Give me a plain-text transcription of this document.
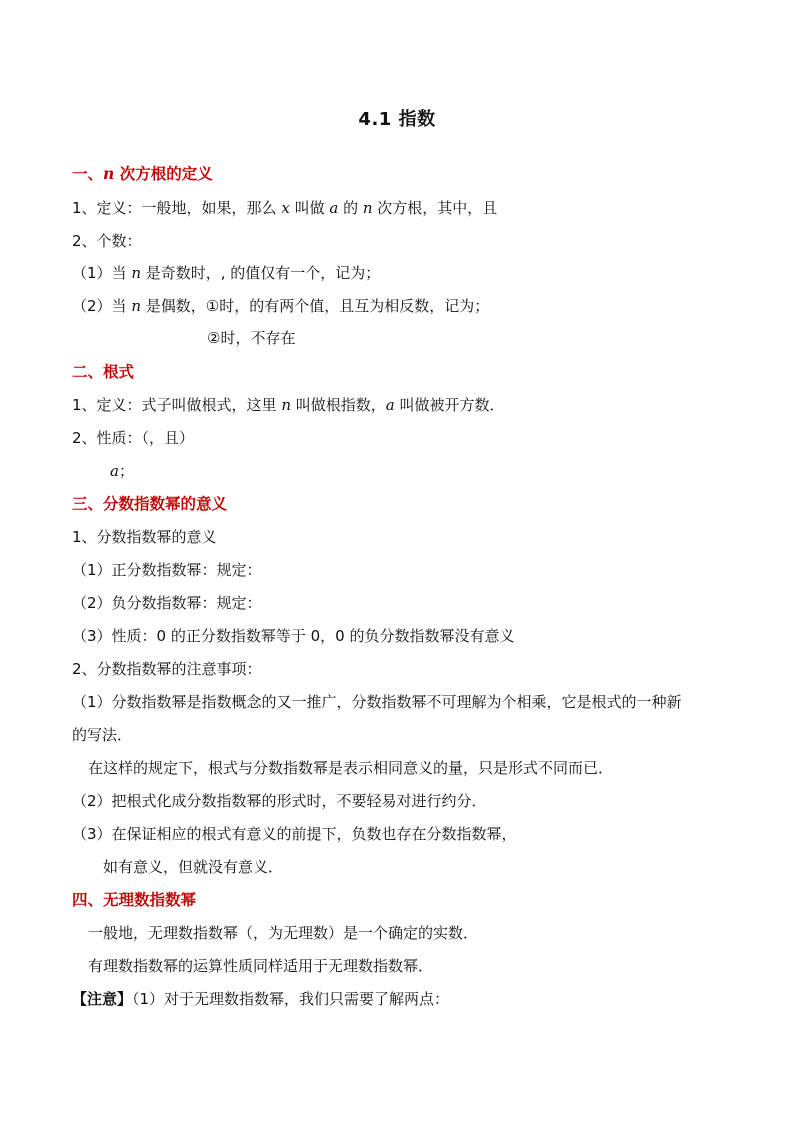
4.1 指数
一、n 次方根的定义
1、定义：一般地，如果，那么 x 叫做 a 的 n 次方根，其中，且
2、个数：
（1）当 n 是奇数时，, 的值仅有一个，记为；
（2）当 n 是偶数，①时，的有两个值，且互为相反数，记为；
②时，不存在
二、根式
1、定义：式子叫做根式，这里 n 叫做根指数，a 叫做被开方数．
2、性质：（，且）
a；
三、分数指数幂的意义
1、分数指数幂的意义
（1）正分数指数幂：规定：
（2）负分数指数幂：规定：
（3）性质：0 的正分数指数幂等于 0，0 的负分数指数幂没有意义
2、分数指数幂的注意事项：
（1）分数指数幂是指数概念的又一推广，分数指数幂不可理解为个相乘，它是根式的一种新
的写法．
在这样的规定下，根式与分数指数幂是表示相同意义的量，只是形式不同而已．
（2）把根式化成分数指数幂的形式时，不要轻易对进行约分．
（3）在保证相应的根式有意义的前提下，负数也存在分数指数幂，
如有意义，但就没有意义．
四、无理数指数幂
一般地，无理数指数幂（，为无理数）是一个确定的实数．
有理数指数幂的运算性质同样适用于无理数指数幂．
【注意】（1）对于无理数指数幂，我们只需要了解两点：
